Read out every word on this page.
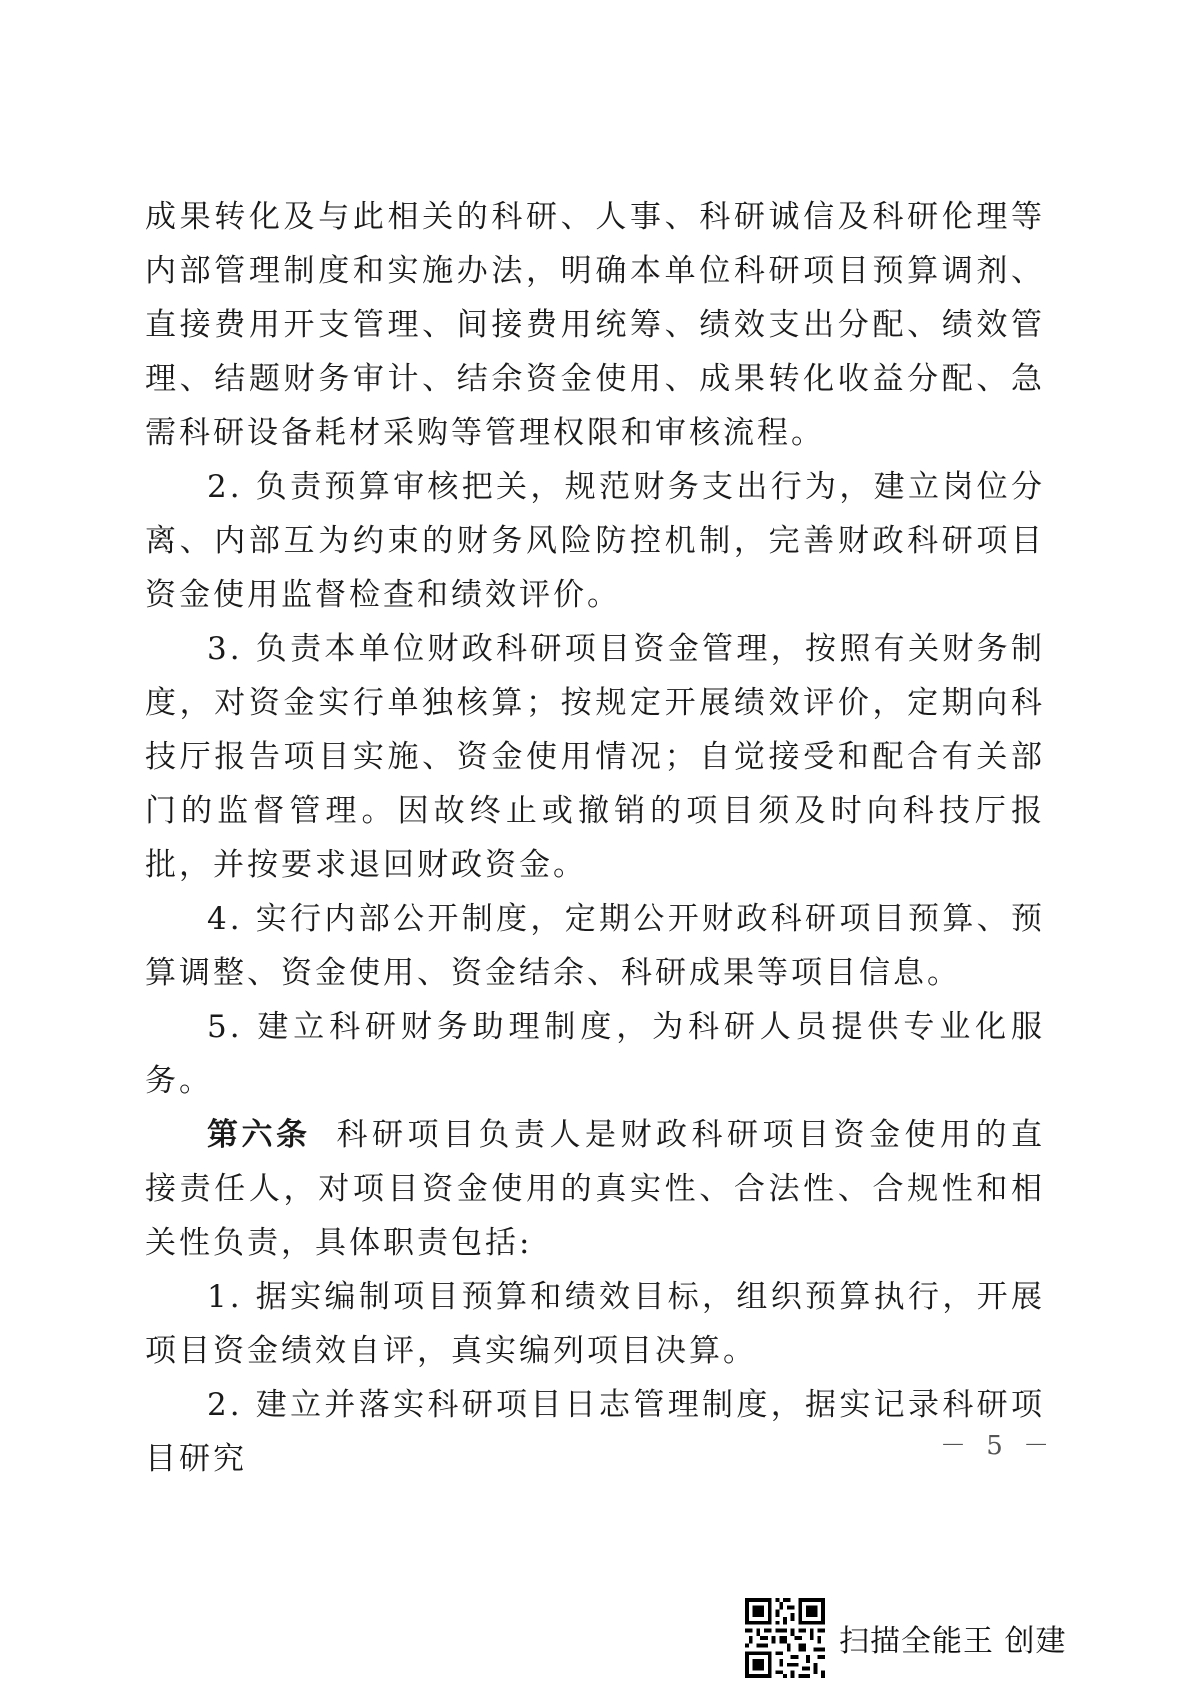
成果转化及与此相关的科研、人事、科研诚信及科研伦理等内部管理制度和实施办法，明确本单位科研项目预算调剂、直接费用开支管理、间接费用统筹、绩效支出分配、绩效管理、结题财务审计、结余资金使用、成果转化收益分配、急需科研设备耗材采购等管理权限和审核流程。

2. 负责预算审核把关，规范财务支出行为，建立岗位分离、内部互为约束的财务风险防控机制，完善财政科研项目资金使用监督检查和绩效评价。

3. 负责本单位财政科研项目资金管理，按照有关财务制度，对资金实行单独核算；按规定开展绩效评价，定期向科技厅报告项目实施、资金使用情况；自觉接受和配合有关部门的监督管理。因故终止或撤销的项目须及时向科技厅报批，并按要求退回财政资金。

4. 实行内部公开制度，定期公开财政科研项目预算、预算调整、资金使用、资金结余、科研成果等项目信息。

5. 建立科研财务助理制度，为科研人员提供专业化服务。

第六条 科研项目负责人是财政科研项目资金使用的直接责任人，对项目资金使用的真实性、合法性、合规性和相关性负责，具体职责包括:

1. 据实编制项目预算和绩效目标，组织预算执行，开展项目资金绩效自评，真实编列项目决算。

2. 建立并落实科研项目日志管理制度，据实记录科研项目研究	－ 5 －
扫描全能王 创建
